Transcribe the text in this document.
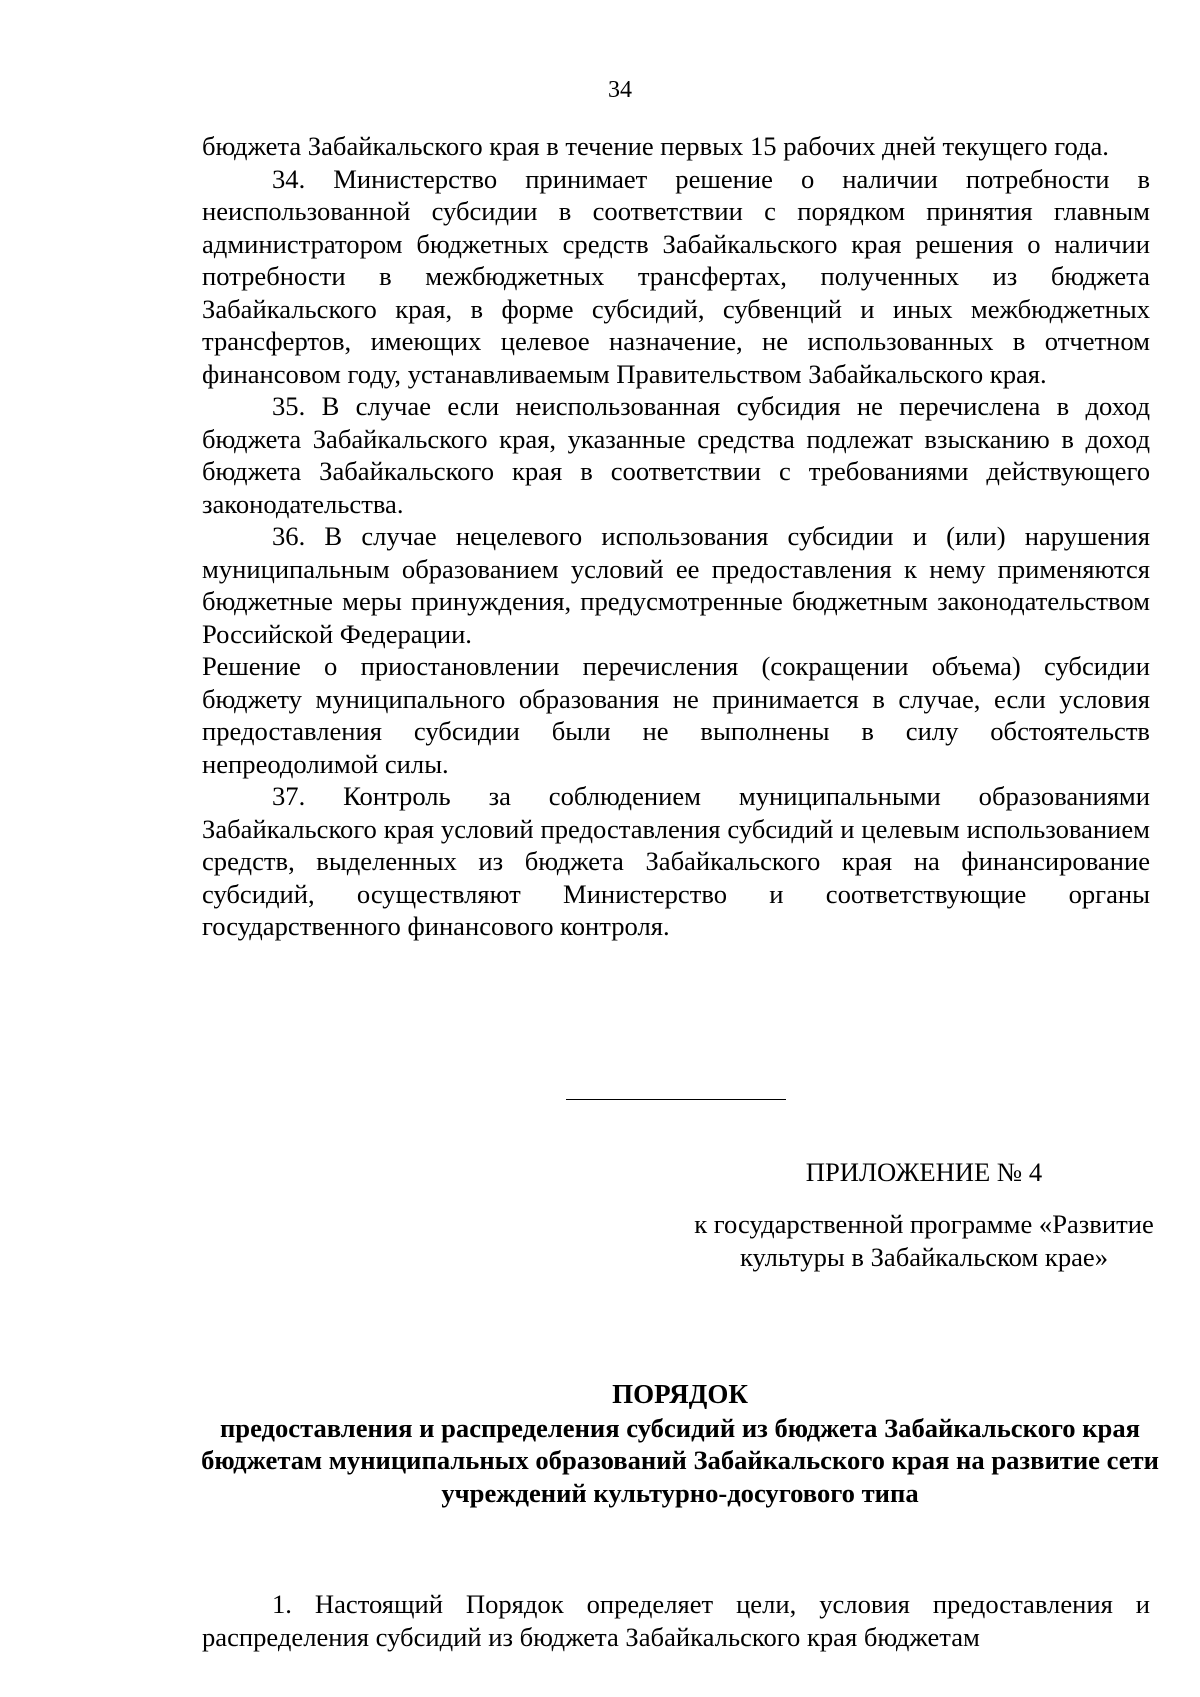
34

бюджета Забайкальского края в течение первых 15 рабочих дней текущего года.

34. Министерство принимает решение о наличии потребности в неиспользованной субсидии в соответствии с порядком принятия главным администратором бюджетных средств Забайкальского края решения о наличии потребности в межбюджетных трансфертах, полученных из бюджета Забайкальского края, в форме субсидий, субвенций и иных межбюджетных трансфертов, имеющих целевое назначение, не использованных в отчетном финансовом году, устанавливаемым Правительством Забайкальского края.

35. В случае если неиспользованная субсидия не перечислена в доход бюджета Забайкальского края, указанные средства подлежат взысканию в доход бюджета Забайкальского края в соответствии с требованиями действующего законодательства.

36. В случае нецелевого использования субсидии и (или) нарушения муниципальным образованием условий ее предоставления к нему применяются бюджетные меры принуждения, предусмотренные бюджетным законодательством Российской Федерации.

Решение о приостановлении перечисления (сокращении объема) субсидии бюджету муниципального образования не принимается в случае, если условия предоставления субсидии были не выполнены в силу обстоятельств непреодолимой силы.

37. Контроль за соблюдением муниципальными образованиями Забайкальского края условий предоставления субсидий и целевым использованием средств, выделенных из бюджета Забайкальского края на финансирование субсидий, осуществляют Министерство и соответствующие органы государственного финансового контроля.

ПРИЛОЖЕНИЕ № 4
к государственной программе «Развитие культуры в Забайкальском крае»
ПОРЯДОК
предоставления и распределения субсидий из бюджета Забайкальского края бюджетам муниципальных образований Забайкальского края на развитие сети учреждений культурно-досугового типа

1. Настоящий Порядок определяет цели, условия предоставления и распределения субсидий из бюджета Забайкальского края бюджетам
